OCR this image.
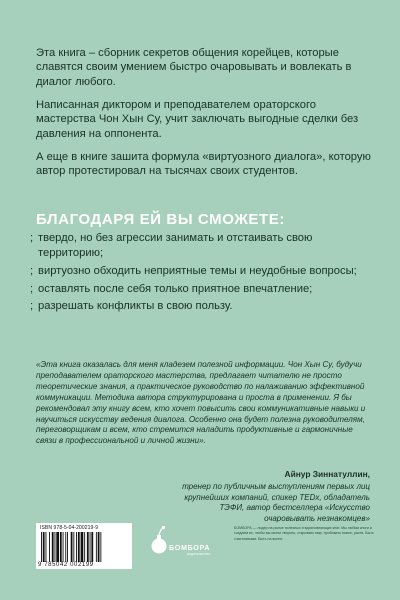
Эта книга – сборник секретов общения корейцев, которые славятся своим умением быстро очаровывать и вовлекать в диалог любого.

Написанная диктором и преподавателем ораторского мастерства Чон Хын Су, учит заключать выгодные сделки без давления на оппонента.

А еще в книге зашита формула «виртуозного диалога», которую автор протестировал на тысячах своих студентов.

БЛАГОДАРЯ ЕЙ ВЫ СМОЖЕТЕ:
; твердо, но без агрессии занимать и отстаивать свою территорию;
; виртуозно обходить неприятные темы и неудобные вопросы;
; оставлять после себя только приятное впечатление;
; разрешать конфликты в свою пользу.

«Эта книга оказалась для меня кладезем полезной информации. Чон Хын Су, будучи преподавателем ораторского мастерства, предлагает читателю не просто теоретические знания, а практическое руководство по налаживанию эффективной коммуникации. Методика автора структурирована и проста в применении. Я бы рекомендовал эту книгу всем, кто хочет повысить свои коммуникативные навыки и научиться искусству ведения диалога. Особенно она будет полезна руководителям, переговорщикам и всем, кто стремится наладить продуктивные и гармоничные связи в профессиональной и личной жизни».

Айнур Зиннатуллин,

тренер по публичным выступлениям первых лиц крупнейших компаний, спикер TEDx, обладатель ТЭФИ, автор бестселлера «Искусство очаровывать незнакомцев»

ISBN 978-5-04-200219-9
9 785042 002199
БОМБОРА
ИЗДАТЕЛЬСТВО

БОМБОРА — лидер на рынке полезных и вдохновляющих книг. Мы любим книги и создаем их, чтобы вы могли творить, открывать мир, пробовать новое, расти. Быть счастливыми. Быть на волне.
